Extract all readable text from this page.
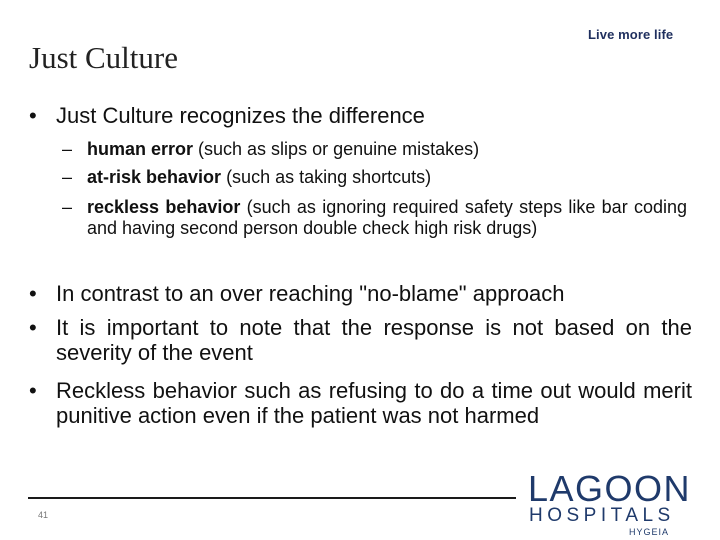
Live more life
Just Culture
• Just Culture recognizes the difference
– human error (such as slips or genuine mistakes)
– at-risk behavior (such as taking shortcuts)
– reckless behavior (such as ignoring required safety steps like bar coding and having second person double check high risk drugs)
• In contrast to an over reaching "no-blame" approach
• It is important to note that the response is not based on the severity of the event
• Reckless behavior such as refusing to do a time out would merit punitive action even if the patient was not harmed
41
LAGOON
HOSPITALS
HYGEIA
